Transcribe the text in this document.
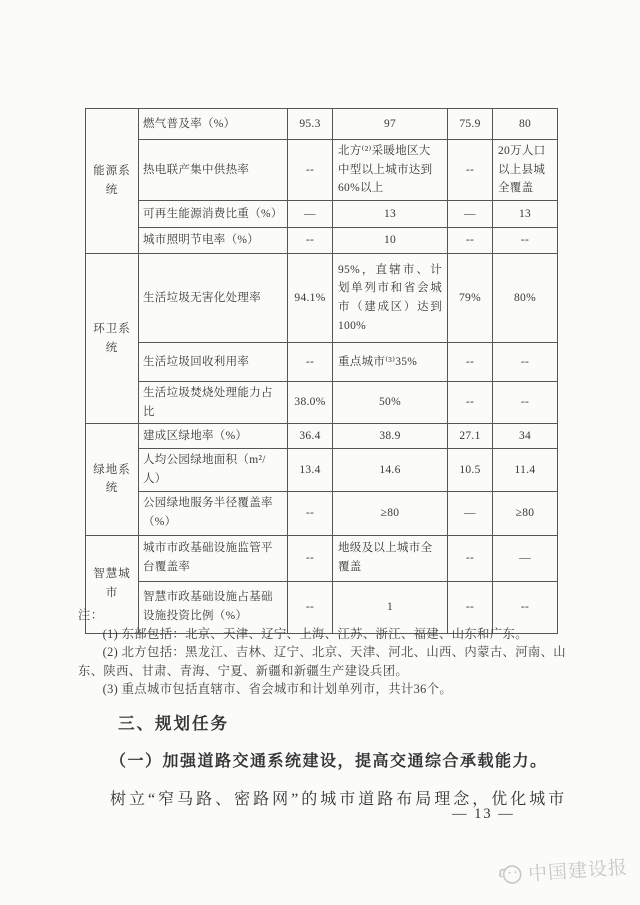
能源系统	燃气普及率（%）	95.3	97	75.9	80
	热电联产集中供热率	--	北方⁽²⁾采暖地区大中型以上城市达到60%以上	--	20万人口以上县城全覆盖
	可再生能源消费比重（%）	—	13	—	13
	城市照明节电率（%）	--	10	--	--
环卫系统	生活垃圾无害化处理率	94.1%	95%，直辖市、计划单列市和省会城市（建成区）达到100%	79%	80%
	生活垃圾回收利用率	--	重点城市⁽³⁾35%	--	--
	生活垃圾焚烧处理能力占比	38.0%	50%	--	--
绿地系统	建成区绿地率（%）	36.4	38.9	27.1	34
	人均公园绿地面积（m²/人）	13.4	14.6	10.5	11.4
	公园绿地服务半径覆盖率（%）	--	≥80	—	≥80
智慧城市	城市市政基础设施监管平台覆盖率	--	地级及以上城市全覆盖	--	—
	智慧市政基础设施占基础设施投资比例（%）	--	1	--	--
注：
(1) 东部包括：北京、天津、辽宁、上海、江苏、浙江、福建、山东和广东。
(2) 北方包括：黑龙江、吉林、辽宁、北京、天津、河北、山西、内蒙古、河南、山东、陕西、甘肃、青海、宁夏、新疆和新疆生产建设兵团。
(3) 重点城市包括直辖市、省会城市和计划单列市，共计36个。
三、规划任务
（一）加强道路交通系统建设，提高交通综合承载能力。
树立“窄马路、密路网”的城市道路布局理念，优化城市
— 13 —
中国建设报
